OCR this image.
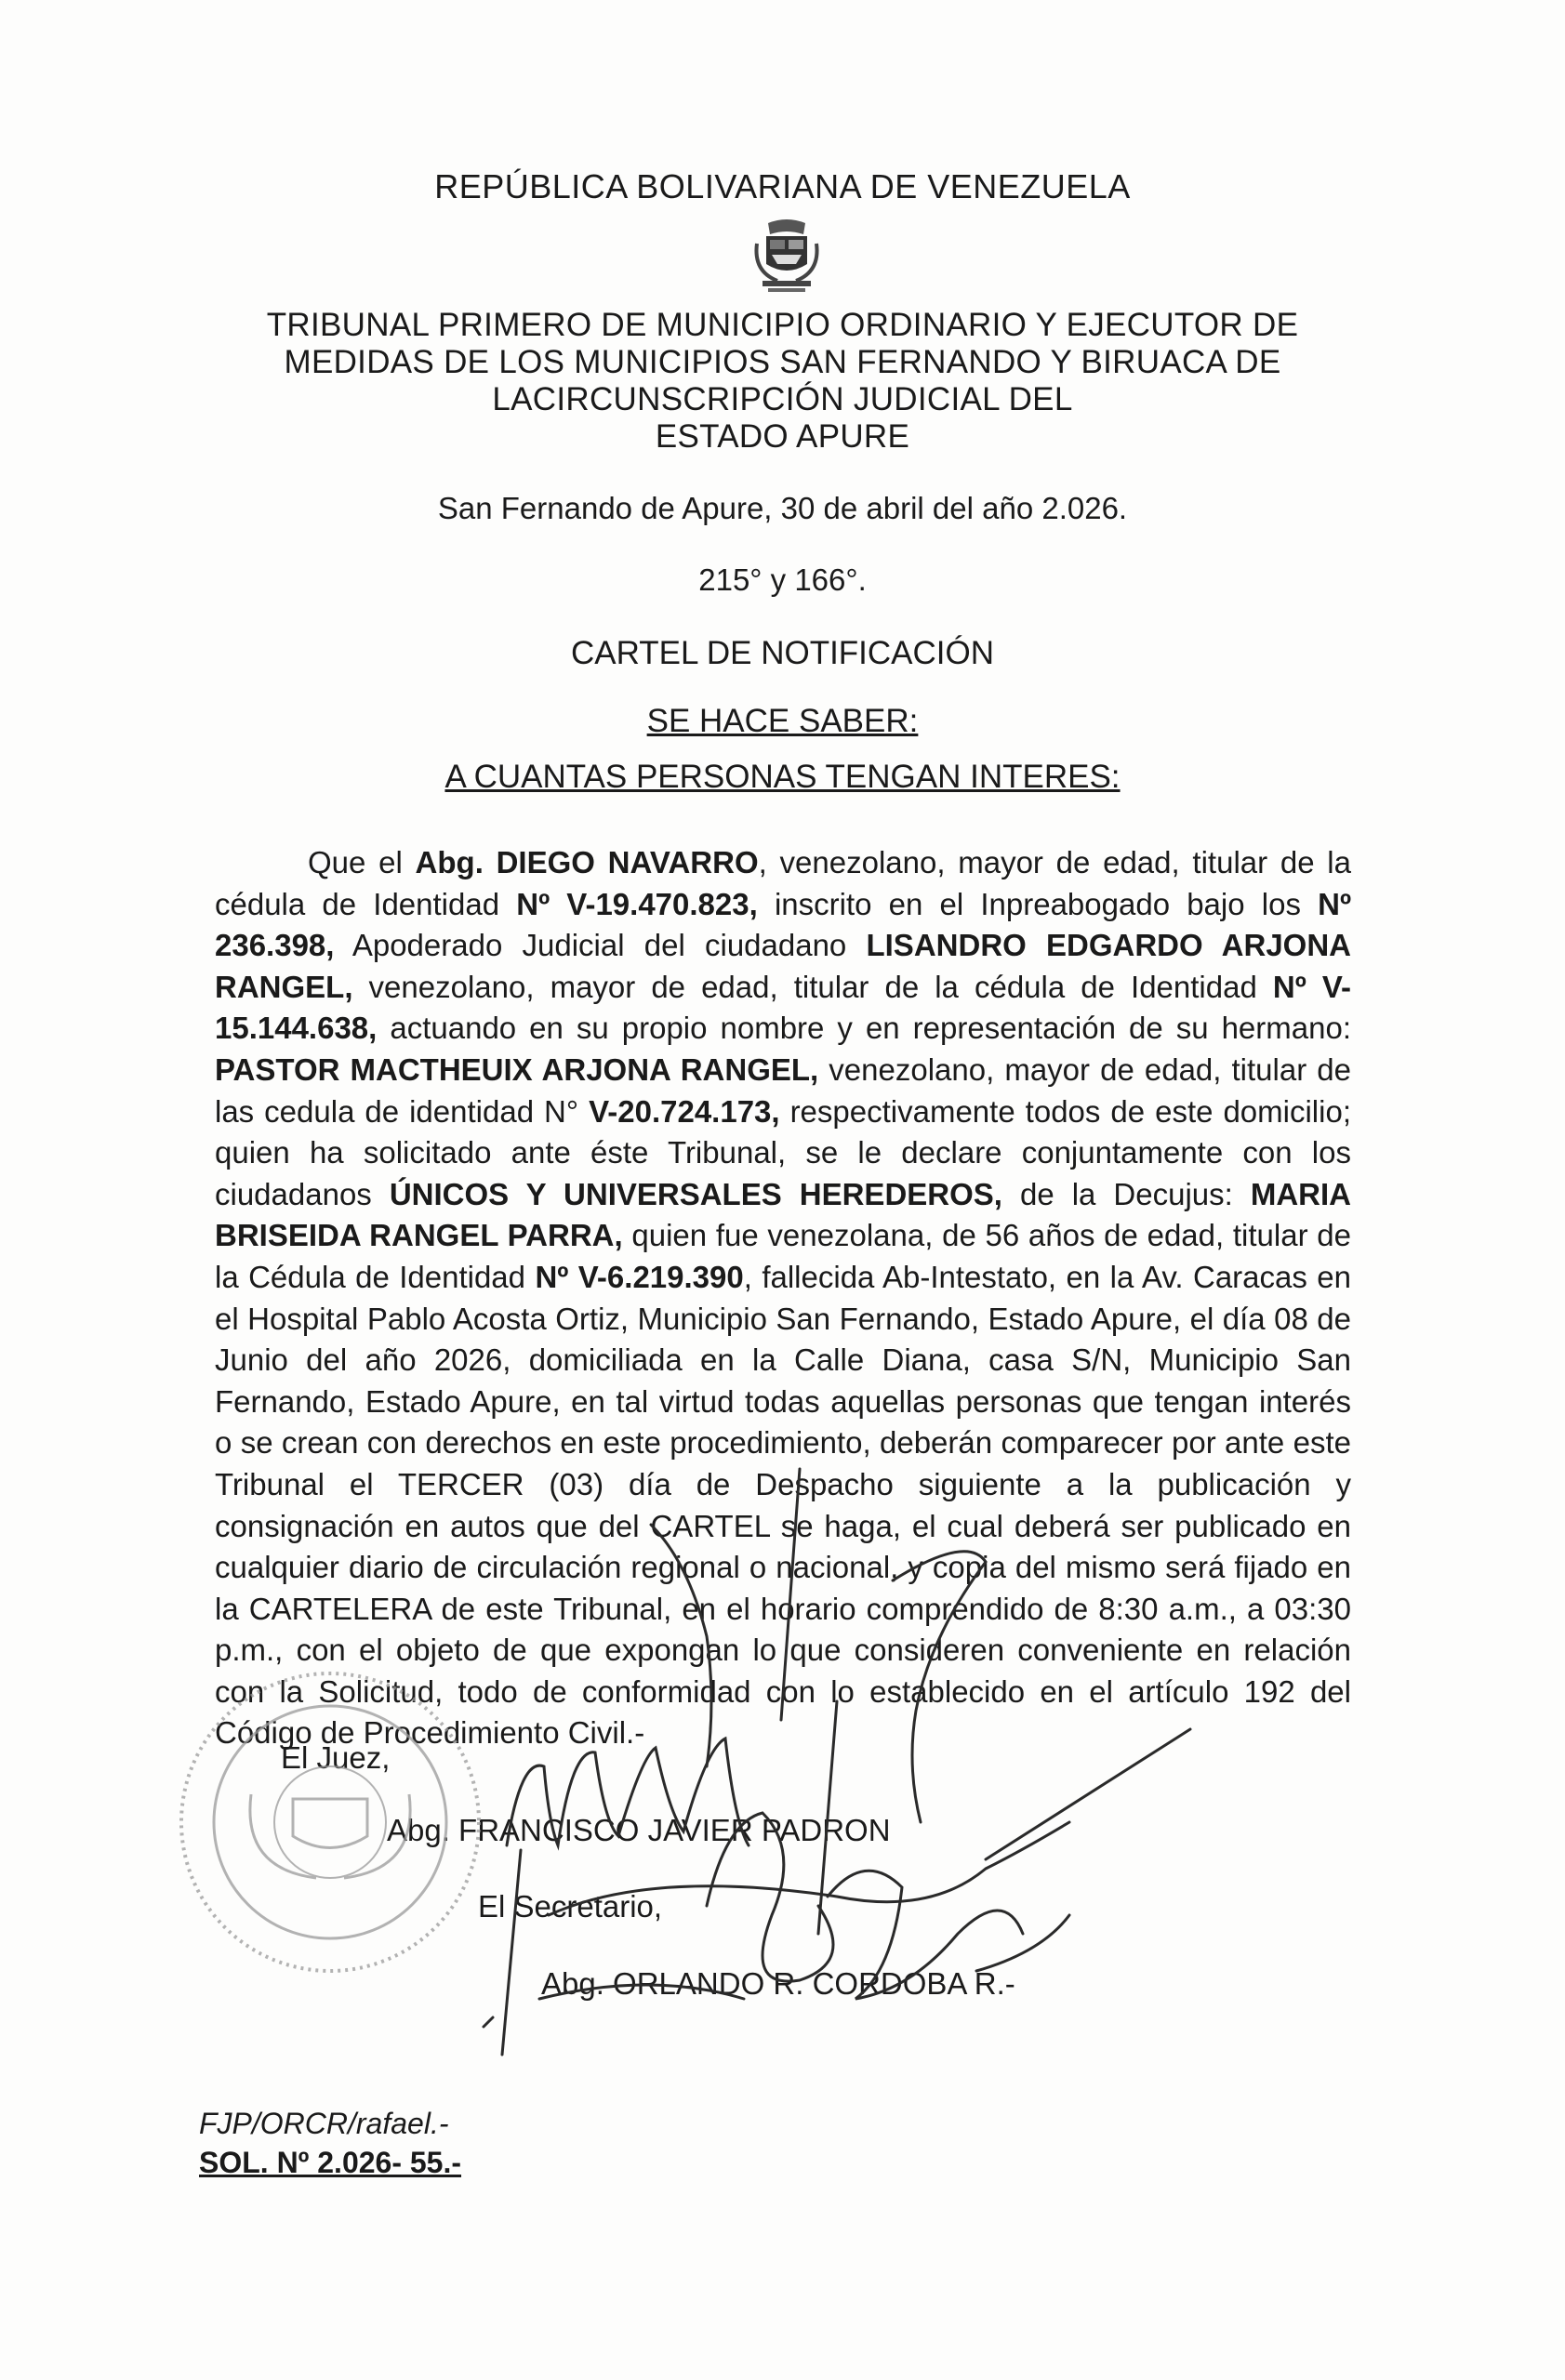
REPÚBLICA BOLIVARIANA DE VENEZUELA
TRIBUNAL PRIMERO DE MUNICIPIO ORDINARIO Y EJECUTOR DE
MEDIDAS DE LOS MUNICIPIOS SAN FERNANDO Y BIRUACA DE
LACIRCUNSCRIPCIÓN JUDICIAL DEL
ESTADO APURE
San Fernando de Apure, 30 de abril del año 2.026.
215° y 166°.
CARTEL DE NOTIFICACIÓN
SE HACE SABER:
A CUANTAS PERSONAS TENGAN INTERES:
Que el Abg. DIEGO NAVARRO, venezolano, mayor de edad, titular de la cédula de Identidad Nº V-19.470.823, inscrito en el Inpreabogado bajo los Nº 236.398, Apoderado Judicial del ciudadano LISANDRO EDGARDO ARJONA RANGEL, venezolano, mayor de edad, titular de la cédula de Identidad Nº V-15.144.638, actuando en su propio nombre y en representación de su hermano: PASTOR MACTHEUIX ARJONA RANGEL, venezolano, mayor de edad, titular de las cedula de identidad N° V-20.724.173, respectivamente todos de este domicilio; quien ha solicitado ante éste Tribunal, se le declare conjuntamente con los ciudadanos ÚNICOS Y UNIVERSALES HEREDEROS, de la Decujus: MARIA BRISEIDA RANGEL PARRA, quien fue venezolana, de 56 años de edad, titular de la Cédula de Identidad Nº V-6.219.390, fallecida Ab-Intestato, en la Av. Caracas en el Hospital Pablo Acosta Ortiz, Municipio San Fernando, Estado Apure, el día 08 de Junio del año 2026, domiciliada en la Calle Diana, casa S/N, Municipio San Fernando, Estado Apure, en tal virtud todas aquellas personas que tengan interés o se crean con derechos en este procedimiento, deberán comparecer por ante este Tribunal el TERCER (03) día de Despacho siguiente a la publicación y consignación en autos que del CARTEL se haga, el cual deberá ser publicado en cualquier diario de circulación regional o nacional, y copia del mismo será fijado en la CARTELERA de este Tribunal, en el horario comprendido de 8:30 a.m., a 03:30 p.m., con el objeto de que expongan lo que consideren conveniente en relación con la Solicitud, todo de conformidad con lo establecido en el artículo 192 del Código de Procedimiento Civil.-
El Juez,
Abg. FRANCISCO JAVIER PADRON
El Secretario,
Abg. ORLANDO R. CORDOBA R.-
FJP/ORCR/rafael.-
SOL. Nº 2.026- 55.-
